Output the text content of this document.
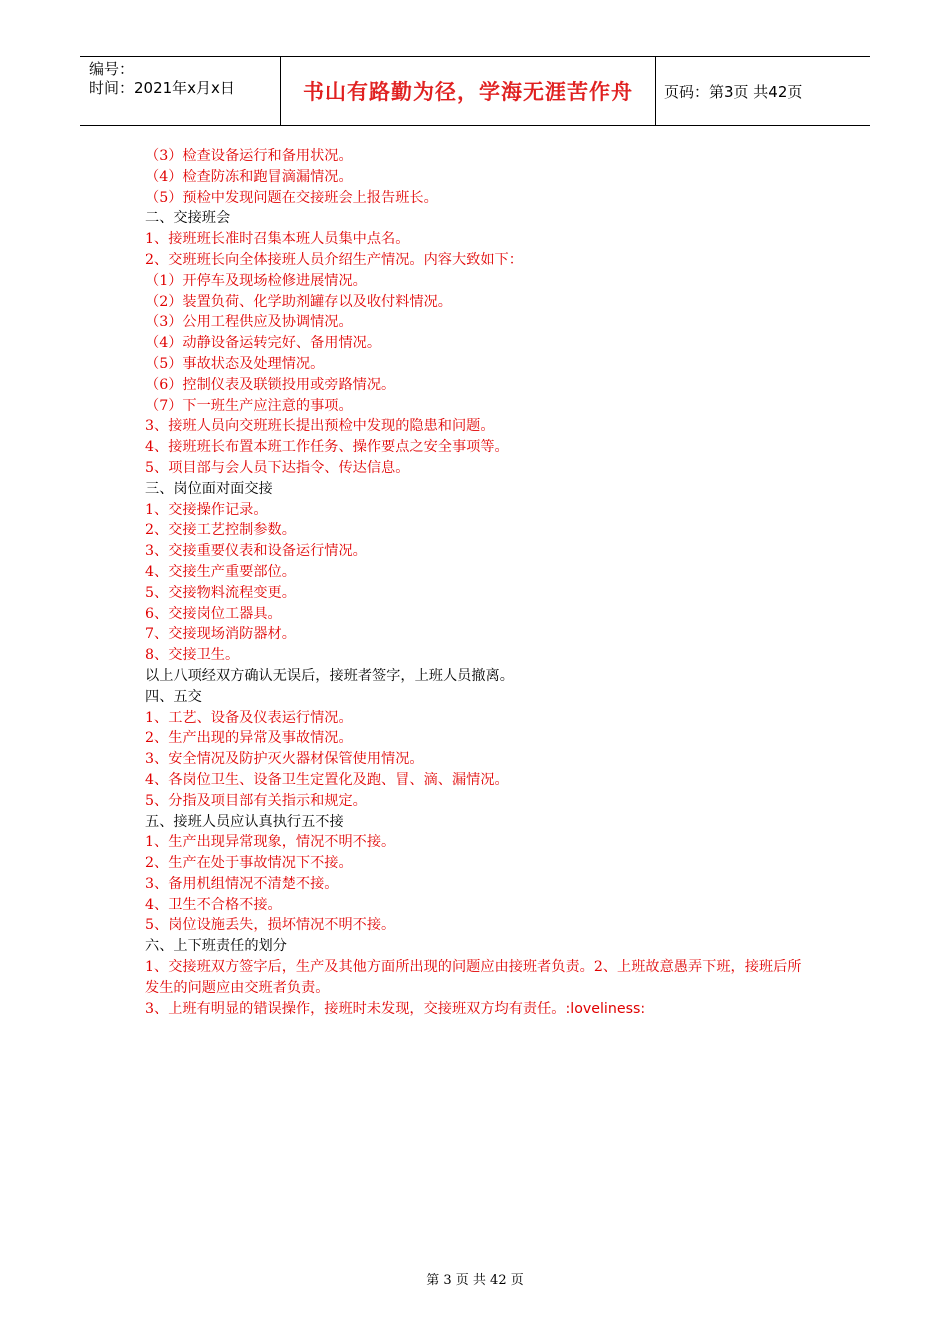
编号：
时间：2021年x月x日	书山有路勤为径，学海无涯苦作舟 页码：第3页 共42页
（3）检查设备运行和备用状况。
（4）检查防冻和跑冒滴漏情况。
（5）预检中发现问题在交接班会上报告班长。
二、交接班会
1、接班班长准时召集本班人员集中点名。
2、交班班长向全体接班人员介绍生产情况。内容大致如下：
（1）开停车及现场检修进展情况。
（2）装置负荷、化学助剂罐存以及收付料情况。
（3）公用工程供应及协调情况。
（4）动静设备运转完好、备用情况。
（5）事故状态及处理情况。
（6）控制仪表及联锁投用或旁路情况。
（7）下一班生产应注意的事项。
3、接班人员向交班班长提出预检中发现的隐患和问题。
4、接班班长布置本班工作任务、操作要点之安全事项等。
5、项目部与会人员下达指令、传达信息。
三、岗位面对面交接
1、交接操作记录。
2、交接工艺控制参数。
3、交接重要仪表和设备运行情况。
4、交接生产重要部位。
5、交接物料流程变更。
6、交接岗位工器具。
7、交接现场消防器材。
8、交接卫生。
以上八项经双方确认无误后，接班者签字，上班人员撤离。
四、五交
1、工艺、设备及仪表运行情况。
2、生产出现的异常及事故情况。
3、安全情况及防护灭火器材保管使用情况。
4、各岗位卫生、设备卫生定置化及跑、冒、滴、漏情况。
5、分指及项目部有关指示和规定。
五、接班人员应认真执行五不接
1、生产出现异常现象，情况不明不接。
2、生产在处于事故情况下不接。
3、备用机组情况不清楚不接。
4、卫生不合格不接。
5、岗位设施丢失，损坏情况不明不接。
六、上下班责任的划分
1、交接班双方签字后，生产及其他方面所出现的问题应由接班者负责。2、上班故意愚弄下班，接班后所发生的问题应由交班者负责。
3、上班有明显的错误操作，接班时未发现，交接班双方均有责任。:loveliness:
第 3 页 共 42 页
